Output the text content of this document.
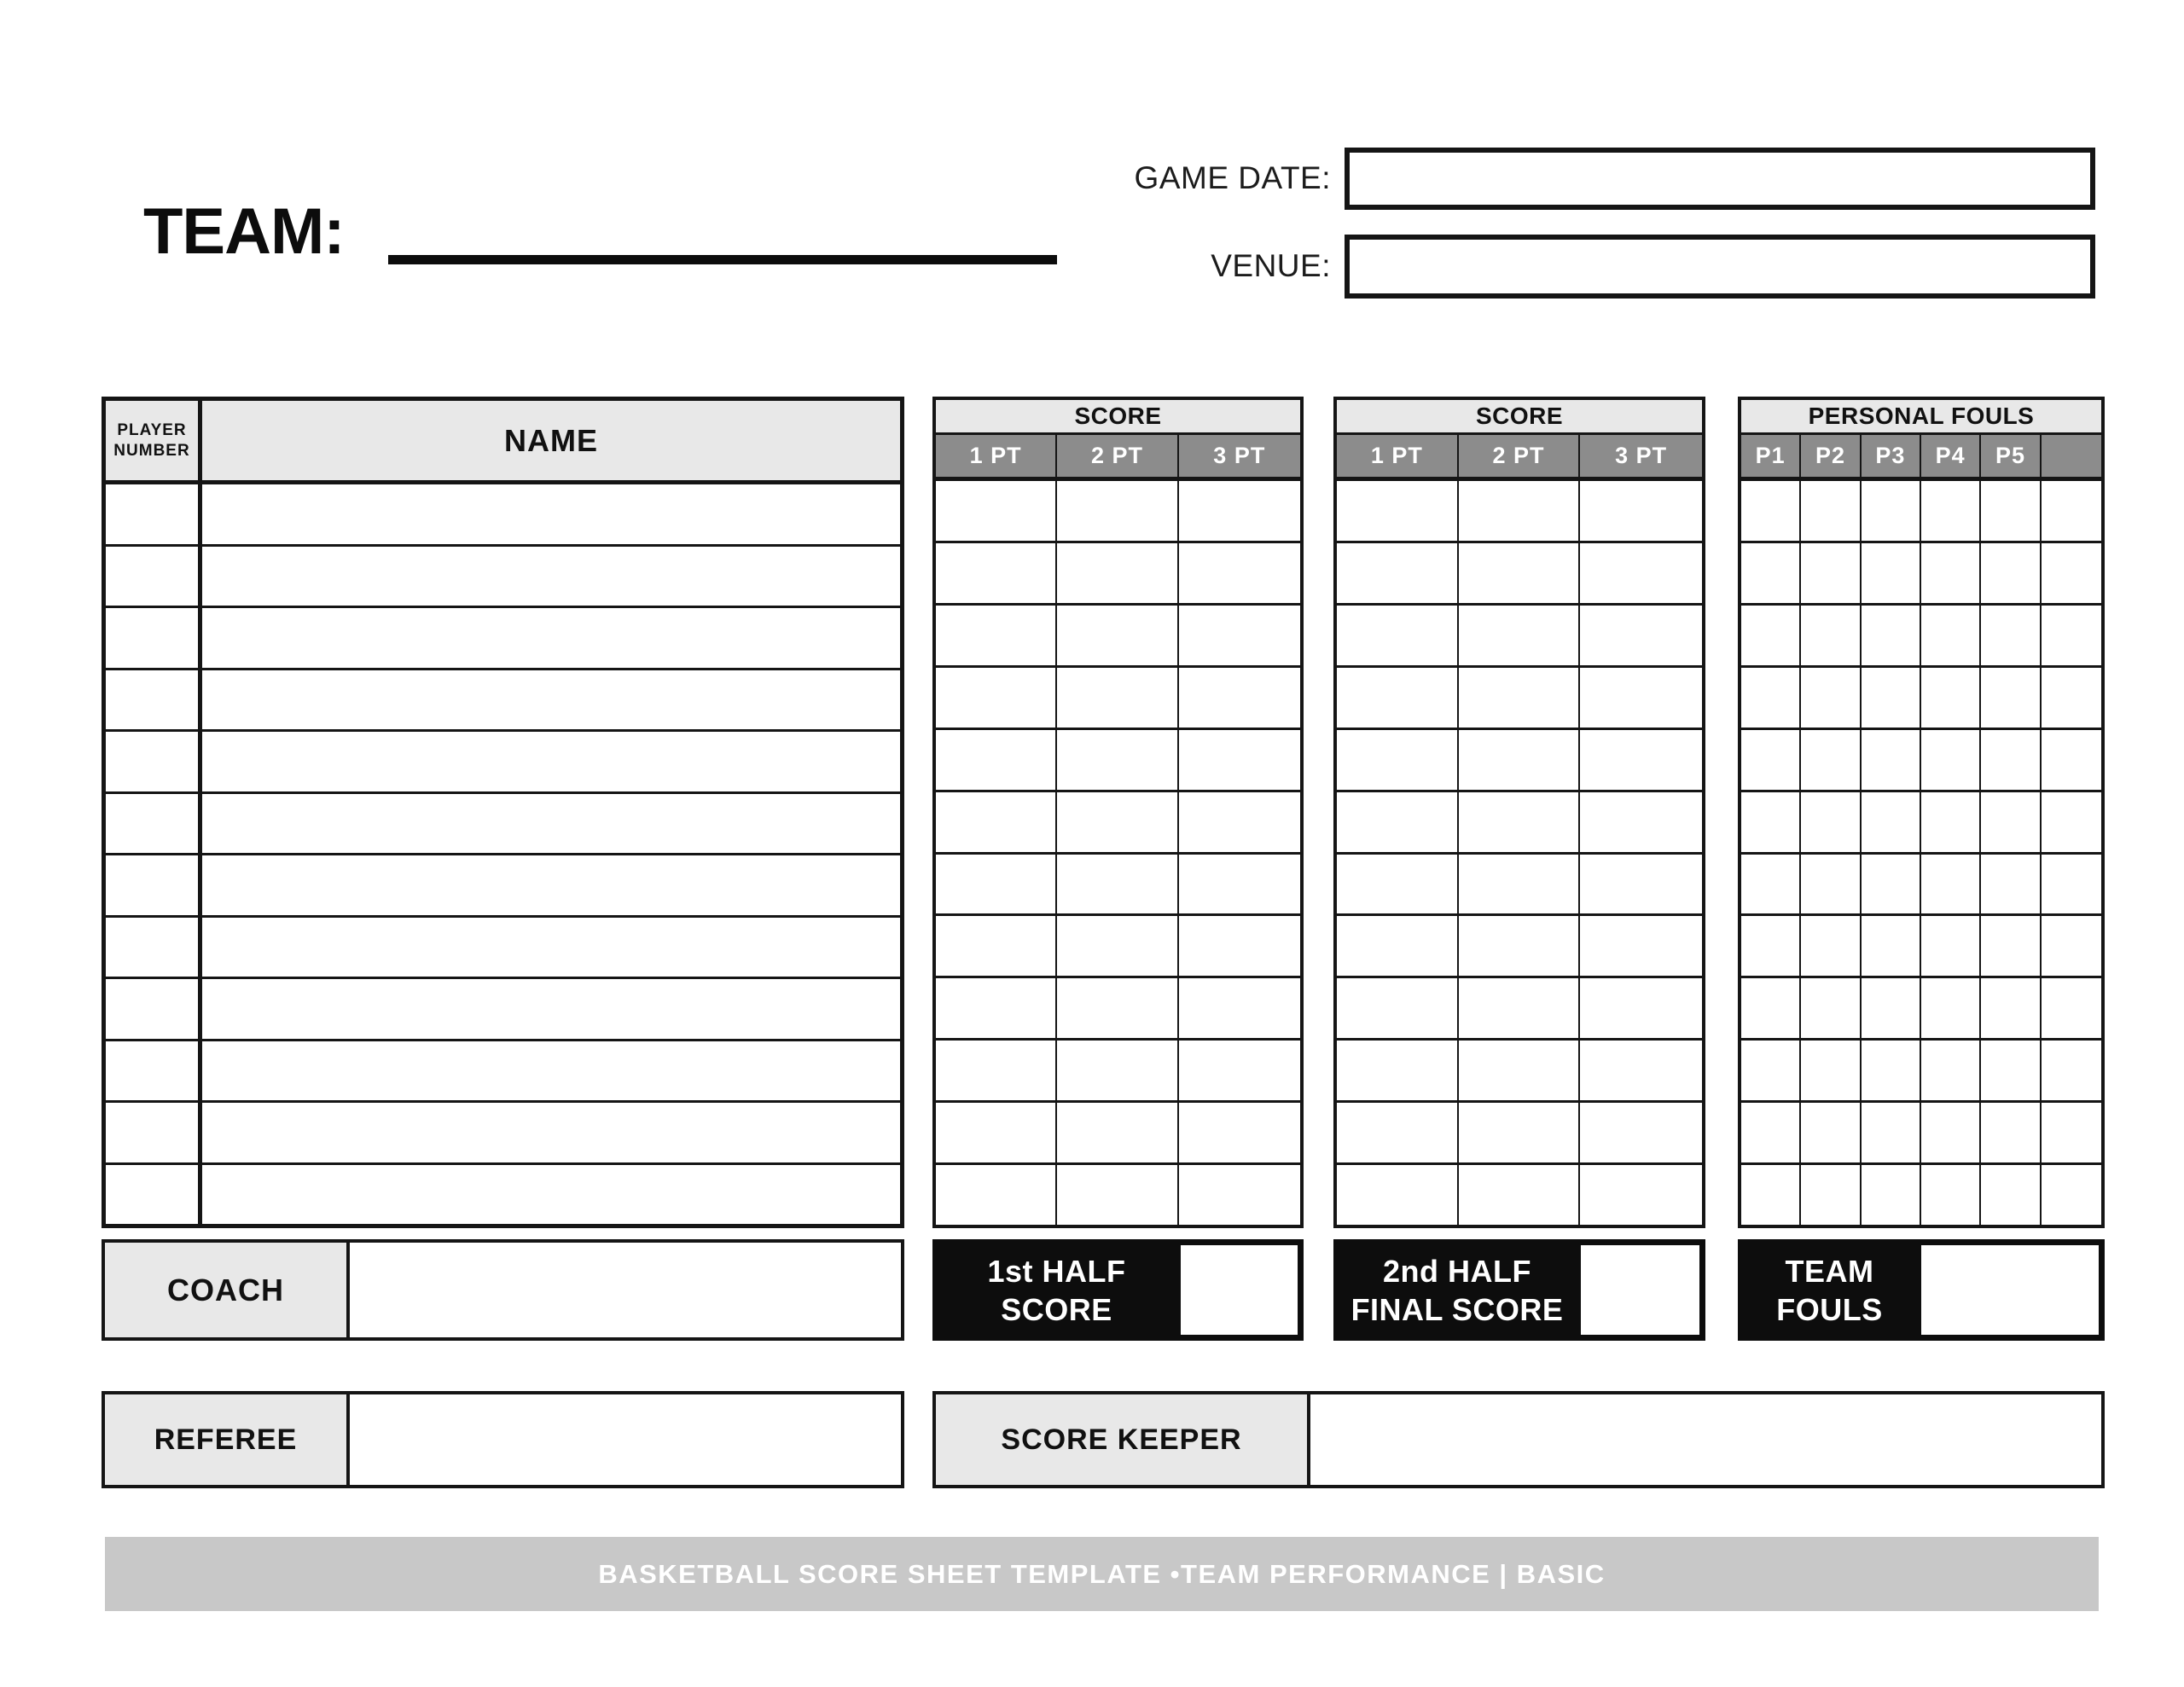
TEAM:
GAME DATE:
VENUE:
PLAYER
NUMBER	NAME
SCORE
1 PT	2 PT	3 PT
SCORE
1 PT	2 PT	3 PT
PERSONAL FOULS
P1	P2	P3	P4	P5
COACH
1st HALF
SCORE
2nd HALF
FINAL SCORE
TEAM
FOULS
REFEREE	SCORE KEEPER
BASKETBALL SCORE SHEET TEMPLATE •TEAM PERFORMANCE | BASIC
